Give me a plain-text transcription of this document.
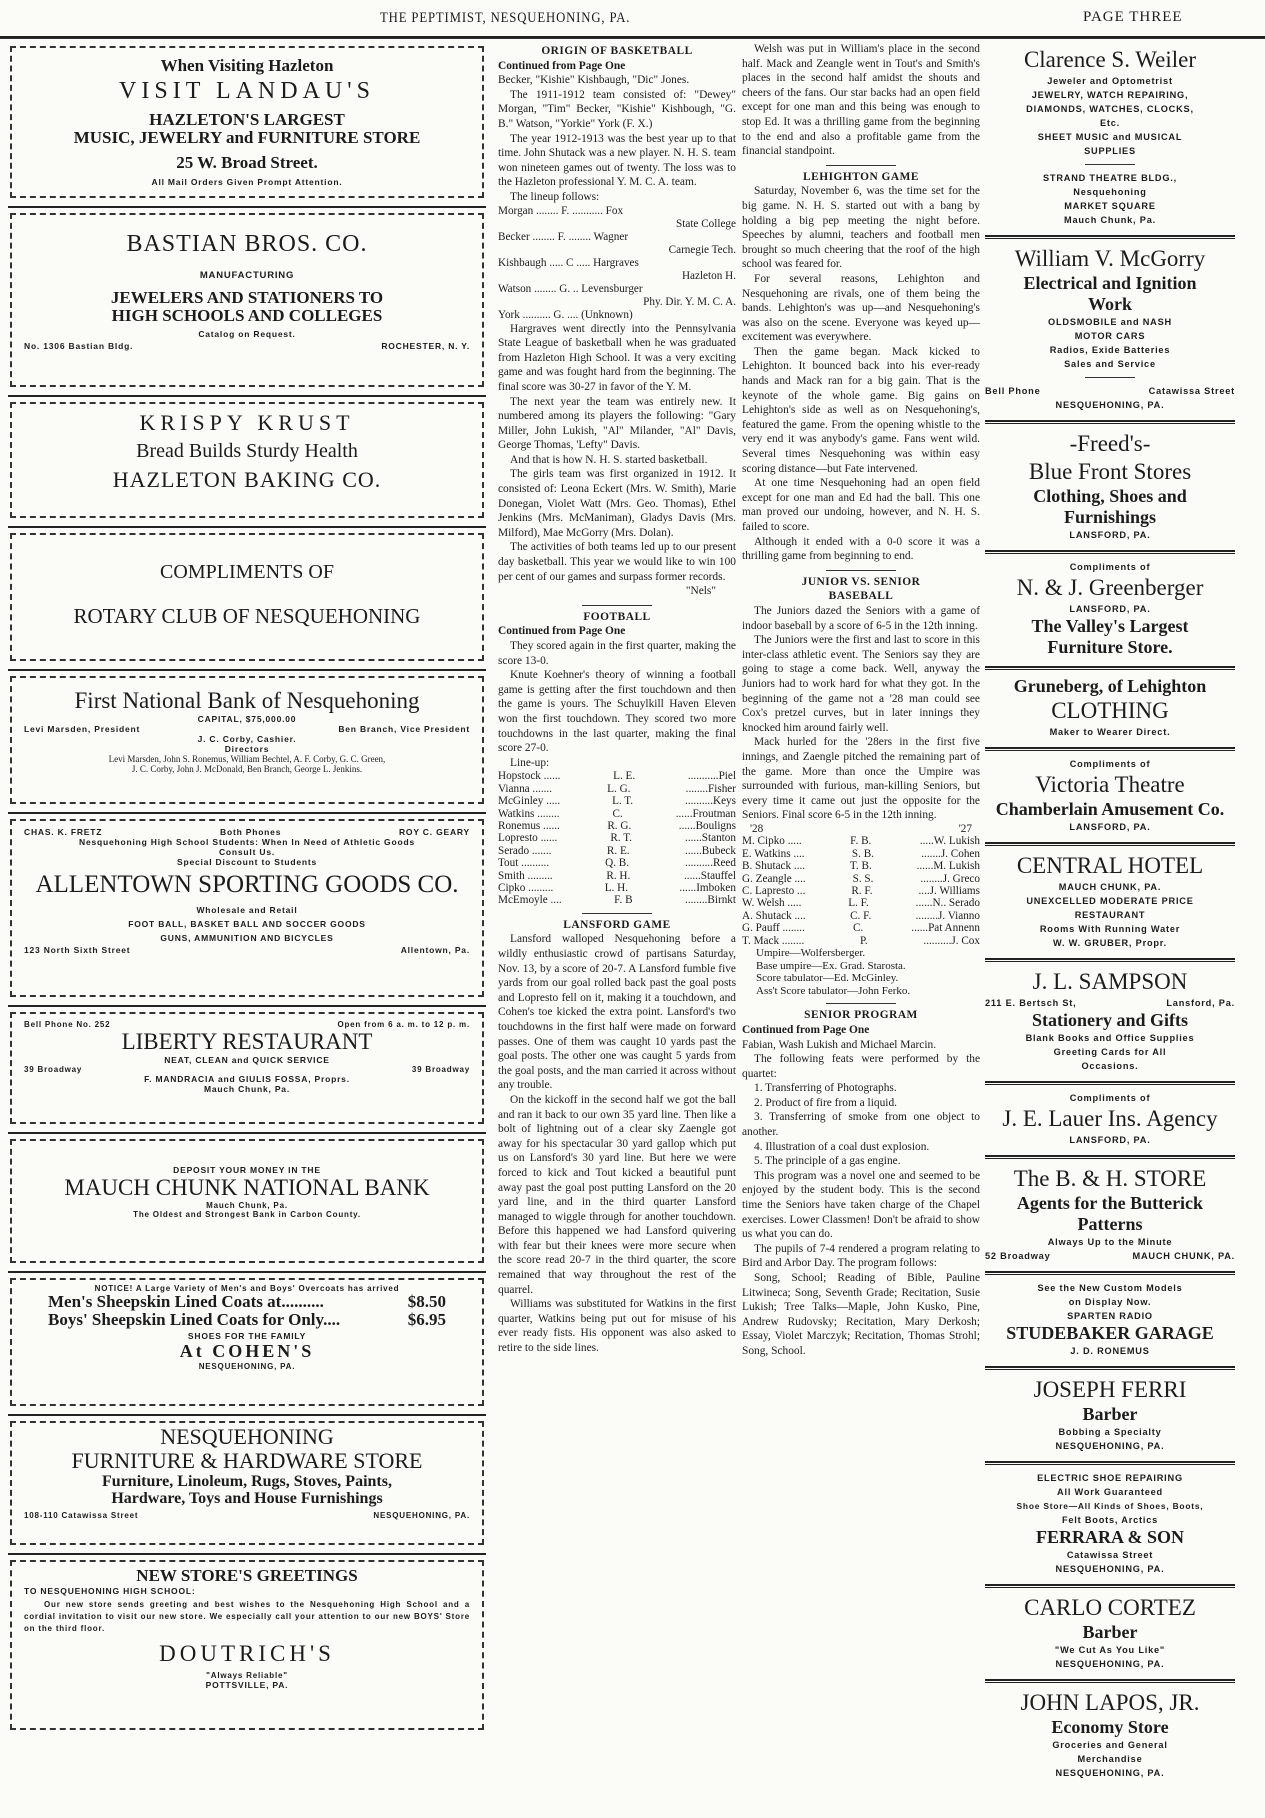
THE PEPTIMIST, NESQUEHONING, PA.	PAGE THREE
When Visiting Hazleton
VISIT LANDAU'S
HAZLETON'S LARGEST
MUSIC, JEWELRY and FURNITURE STORE
25 W. Broad Street.
All Mail Orders Given Prompt Attention.
BASTIAN BROS. CO.
MANUFACTURING
JEWELERS AND STATIONERS TO
HIGH SCHOOLS AND COLLEGES
Catalog on Request.
No. 1306 Bastian Bldg.	ROCHESTER, N. Y.
KRISPY KRUST
Bread Builds Sturdy Health
HAZLETON BAKING CO.
COMPLIMENTS OF
ROTARY CLUB OF NESQUEHONING
First National Bank of Nesquehoning
CAPITAL, $75,000.00
Levi Marsden, President	Ben Branch, Vice President
J. C. Corby, Cashier.
Directors
Levi Marsden, John S. Ronemus, William Bechtel, A. F. Corby, G. C. Green,
J. C. Corby, John J. McDonald, Ben Branch, George L. Jenkins.
CHAS. K. FRETZ	Both Phones	ROY C. GEARY
Nesquehoning High School Students: When In Need of Athletic Goods
Consult Us.
Special Discount to Students
ALLENTOWN SPORTING GOODS CO.
Wholesale and Retail
FOOT BALL, BASKET BALL AND SOCCER GOODS
GUNS, AMMUNITION AND BICYCLES
123 North Sixth Street	Allentown, Pa.
Bell Phone No. 252	Open from 6 a. m. to 12 p. m.
LIBERTY RESTAURANT
NEAT, CLEAN and QUICK SERVICE
39 Broadway	39 Broadway
F. MANDRACIA and GIULIS FOSSA, Proprs.
Mauch Chunk, Pa.
DEPOSIT YOUR MONEY IN THE
MAUCH CHUNK NATIONAL BANK
Mauch Chunk, Pa.
The Oldest and Strongest Bank in Carbon County.
NOTICE! A Large Variety of Men's and Boys' Overcoats has arrived
Men's Sheepskin Lined Coats at..........	$8.50
Boys' Sheepskin Lined Coats for Only....	$6.95
SHOES FOR THE FAMILY
At COHEN'S
NESQUEHONING, PA.
NESQUEHONING
FURNITURE & HARDWARE STORE
Furniture, Linoleum, Rugs, Stoves, Paints,
Hardware, Toys and House Furnishings
108-110 Catawissa Street	NESQUEHONING, PA.
NEW STORE'S GREETINGS
TO NESQUEHONING HIGH SCHOOL:
Our new store sends greeting and best wishes to the Nesquehoning High School and a cordial invitation to visit our new store. We especially call your attention to our new BOYS' Store on the third floor.
DOUTRICH'S
"Always Reliable"
POTTSVILLE, PA.
ORIGIN OF BASKETBALL
Continued from Page One

Becker, "Kishie" Kishbaugh, "Dic" Jones.

The 1911-1912 team consisted of: "Dewey" Morgan, "Tim" Becker, "Kishie" Kishbough, "G. B." Watson, "Yorkie" York (F. X.)

The year 1912-1913 was the best year up to that time. John Shutack was a new player. N. H. S. team won nineteen games out of twenty. The loss was to the Hazleton professional Y. M. C. A. team.

The lineup follows:

Morgan ........ F. ........... Fox
State College
Becker ........ F. ........ Wagner
Carnegie Tech.
Kishbaugh ..... C ..... Hargraves
Hazleton H.
Watson ........ G. .. Levensburger
Phy. Dir. Y. M. C. A.
York .......... G. .... (Unknown)

Hargraves went directly into the Pennsylvania State League of basketball when he was graduated from Hazleton High School. It was a very exciting game and was fought hard from the beginning. The final score was 30-27 in favor of the Y. M.

The next year the team was entirely new. It numbered among its players the following: "Gary Miller, John Lukish, "Al" Milander, "Al" Davis, George Thomas, 'Lefty" Davis.

And that is how N. H. S. started basketball.

The girls team was first organized in 1912. It consisted of: Leona Eckert (Mrs. W. Smith), Marie Donegan, Violet Watt (Mrs. Geo. Thomas), Ethel Jenkins (Mrs. McManiman), Gladys Davis (Mrs. Milford), Mae McGorry (Mrs. Dolan).

The activities of both teams led up to our present day basketball. This year we would like to win 100 per cent of our games and surpass former records.

"Nels"
FOOTBALL
Continued from Page One

They scored again in the first quarter, making the score 13-0.

Knute Koehner's theory of winning a football game is getting after the first touchdown and then the game is yours. The Schuylkill Haven Eleven won the first touchdown. They scored two more touchdowns in the last quarter, making the final score 27-0.

Line-up:

Hopstock ......	L. E.	...........Piel
Vianna .......	L. G.	........Fisher
McGinley .....	L. T.	..........Keys
Watkins ........	C.	......Froutman
Ronemus ......	R. G.	......Bouligns
Lopresto ......	R. T.	......Stanton
Serado .......	R. E.	......Bubeck
Tout ..........	Q. B.	..........Reed
Smith .........	R. H.	......Stauffel
Cipko .........	L. H.	......Imboken
McEmoyle ....	F. B	........Birnkt
LANSFORD GAME

Lansford walloped Nesquehoning before a wildly enthusiastic crowd of partisans Saturday, Nov. 13, by a score of 20-7. A Lansford fumble five yards from our goal rolled back past the goal posts and Lopresto fell on it, making it a touchdown, and Cohen's toe kicked the extra point. Lansford's two touchdowns in the first half were made on forward passes. One of them was caught 10 yards past the goal posts. The other one was caught 5 yards from the goal posts, and the man carried it across without any trouble.

On the kickoff in the second half we got the ball and ran it back to our own 35 yard line. Then like a bolt of lightning out of a clear sky Zaengle got away for his spectacular 30 yard gallop which put us on Lansford's 30 yard line. But here we were forced to kick and Tout kicked a beautiful punt away past the goal post putting Lansford on the 20 yard line, and in the third quarter Lansford managed to wiggle through for another touchdown. Before this happened we had Lansford quivering with fear but their knees were more secure when the score read 20-7 in the third quarter, the score remained that way throughout the rest of the quarrel.

Williams was substituted for Watkins in the first quarter, Watkins being put out for misuse of his ever ready fists. His opponent was also asked to retire to the side lines.

Welsh was put in William's place in the second half. Mack and Zeangle went in Tout's and Smith's places in the second half amidst the shouts and cheers of the fans. Our star backs had an open field except for one man and this being was enough to stop Ed. It was a thrilling game from the beginning to the end and also a profitable game from the financial standpoint.

LEHIGHTON GAME

Saturday, November 6, was the time set for the big game. N. H. S. started out with a bang by holding a big pep meeting the night before. Speeches by alumni, teachers and football men brought so much cheering that the roof of the high school was feared for.

For several reasons, Lehighton and Nesquehoning are rivals, one of them being the bands. Lehighton's was up—and Nesquehoning's was also on the scene. Everyone was keyed up—excitement was everywhere.

Then the game began. Mack kicked to Lehighton. It bounced back into his ever-ready hands and Mack ran for a big gain. That is the keynote of the whole game. Big gains on Lehighton's side as well as on Nesquehoning's, featured the game. From the opening whistle to the very end it was anybody's game. Fans went wild. Several times Nesquehoning was within easy scoring distance—but Fate intervened.

At one time Nesquehoning had an open field except for one man and Ed had the ball. This one man proved our undoing, however, and N. H. S. failed to score.

Although it ended with a 0-0 score it was a thrilling game from beginning to end.

JUNIOR VS. SENIOR
BASEBALL

The Juniors dazed the Seniors with a game of indoor baseball by a score of 6-5 in the 12th inning.

The Juniors were the first and last to score in this inter-class athletic event. The Seniors say they are going to stage a come back. Well, anyway the Juniors had to work hard for what they got. In the beginning of the game not a '28 man could see Cox's pretzel curves, but in later innings they knocked him around fairly well.

Mack hurled for the '28ers in the first five innings, and Zaengle pitched the remaining part of the game. More than once the Umpire was surrounded with furious, man-killing Seniors, but every time it came out just the opposite for the Seniors. Final score 6-5 in the 12th inning.

'28	'27
M. Cipko .....	F. B.	.....W. Lukish
E. Watkins ....	S. B.	.......J. Cohen
B. Shutack ....	T. B.	......M. Lukish
G. Zeangle ....	S. S.	........J. Greco
C. Lapresto ...	R. F.	....J. Williams
W. Welsh .....	L. F.	......N.. Serado
A. Shutack ....	C. F.	........J. Vianno
G. Pauff ........	C.	......Pat Annenn
T. Mack ........	P.	..........J. Cox
Umpire—Wolfersberger.
Base umpire—Ex. Grad. Starosta.
Score tabulator—Ed. McGinley.
Ass't Score tabulator—John Ferko.
SENIOR PROGRAM
Continued from Page One

Fabian, Wash Lukish and Michael Marcin.

The following feats were performed by the quartet:

1. Transferring of Photographs.

2. Product of fire from a liquid.

3. Transferring of smoke from one object to another.

4. Illustration of a coal dust explosion.

5. The principle of a gas engine.

This program was a novel one and seemed to be enjoyed by the student body. This is the second time the Seniors have taken charge of the Chapel exercises. Lower Classmen! Don't be afraid to show us what you can do.

The pupils of 7-4 rendered a program relating to Bird and Arbor Day. The program follows:

Song, School; Reading of Bible, Pauline Litwinecа; Song, Seventh Grade; Recitation, Susie Lukish; Tree Talks—Maple, John Kusko, Pine, Andrew Rudovsky; Recitation, Mary Derkosh; Essay, Violet Marczyk; Recitation, Thomas Strohl; Song, School.

Clarence S. Weiler
Jeweler and Optometrist
JEWELRY, WATCH REPAIRING,
DIAMONDS, WATCHES, CLOCKS,
Etc.
SHEET MUSIC and MUSICAL
SUPPLIES
STRAND THEATRE BLDG.,
Nesquehoning
MARKET SQUARE
Mauch Chunk, Pa.
William V. McGorry
Electrical and Ignition
Work
OLDSMOBILE and NASH
MOTOR CARS
Radios, Exide Batteries
Sales and Service
Bell Phone	Catawissa Street
NESQUEHONING, PA.
-Freed's-
Blue Front Stores
Clothing, Shoes and
Furnishings
LANSFORD, PA.
Compliments of
N. & J. Greenberger
LANSFORD, PA.
The Valley's Largest
Furniture Store.
Gruneberg, of Lehighton
CLOTHING
Maker to Wearer Direct.
Compliments of
Victoria Theatre
Chamberlain Amusement Co.
LANSFORD, PA.
CENTRAL HOTEL
MAUCH CHUNK, PA.
UNEXCELLED MODERATE PRICE
RESTAURANT
Rooms With Running Water
W. W. GRUBER, Propr.
J. L. SAMPSON
211 E. Bertsch St,	Lansford, Pa.
Stationery and Gifts
Blank Books and Office Supplies
Greeting Cards for All
Occasions.
Compliments of
J. E. Lauer Ins. Agency
LANSFORD, PA.
The B. & H. STORE
Agents for the Butterick
Patterns
Always Up to the Minute
52 Broadway	MAUCH CHUNK, PA.
See the New Custom Models
on Display Now.
SPARTEN RADIO
STUDEBAKER GARAGE
J. D. RONEMUS
JOSEPH FERRI
Barber
Bobbing a Specialty
NESQUEHONING, PA.
ELECTRIC SHOE REPAIRING
All Work Guaranteed
Shoe Store—All Kinds of Shoes, Boots,
Felt Boots, Arctics
FERRARA & SON
Catawissa Street
NESQUEHONING, PA.
CARLO CORTEZ
Barber
"We Cut As You Like"
NESQUEHONING, PA.
JOHN LAPOS, JR.
Economy Store
Groceries and General
Merchandise
NESQUEHONING, PA.
